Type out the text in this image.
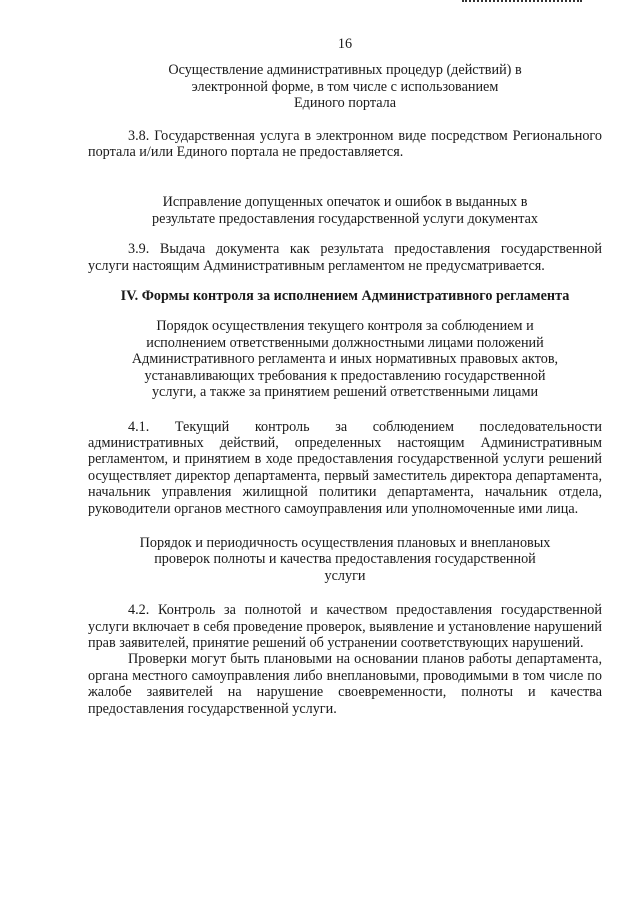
16
Осуществление административных процедур (действий) в электронной форме, в том числе с использованием Единого портала

3.8. Государственная услуга в электронном виде посредством Регионального портала и/или Единого портала не предоставляется.

Исправление допущенных опечаток и ошибок в выданных в результате предоставления государственной услуги документах

3.9. Выдача документа как результата предоставления государственной услуги настоящим Административным регламентом не предусматривается.

IV. Формы контроля за исполнением Административного регламента
Порядок осуществления текущего контроля за соблюдением и исполнением ответственными должностными лицами положений Административного регламента и иных нормативных правовых актов, устанавливающих требования к предоставлению государственной услуги, а также за принятием решений ответственными лицами

4.1. Текущий контроль за соблюдением последовательности административных действий, определенных настоящим Административным регламентом, и принятием в ходе предоставления государственной услуги решений осуществляет директор департамента, первый заместитель директора департамента, начальник управления жилищной политики департамента, начальник отдела, руководители органов местного самоуправления или уполномоченные ими лица.

Порядок и периодичность осуществления плановых и внеплановых проверок полноты и качества предоставления государственной услуги

4.2. Контроль за полнотой и качеством предоставления государственной услуги включает в себя проведение проверок, выявление и установление нарушений прав заявителей, принятие решений об устранении соответствующих нарушений.

Проверки могут быть плановыми на основании планов работы департамента, органа местного самоуправления либо внеплановыми, проводимыми в том числе по жалобе заявителей на нарушение своевременности, полноты и качества предоставления государственной услуги.
